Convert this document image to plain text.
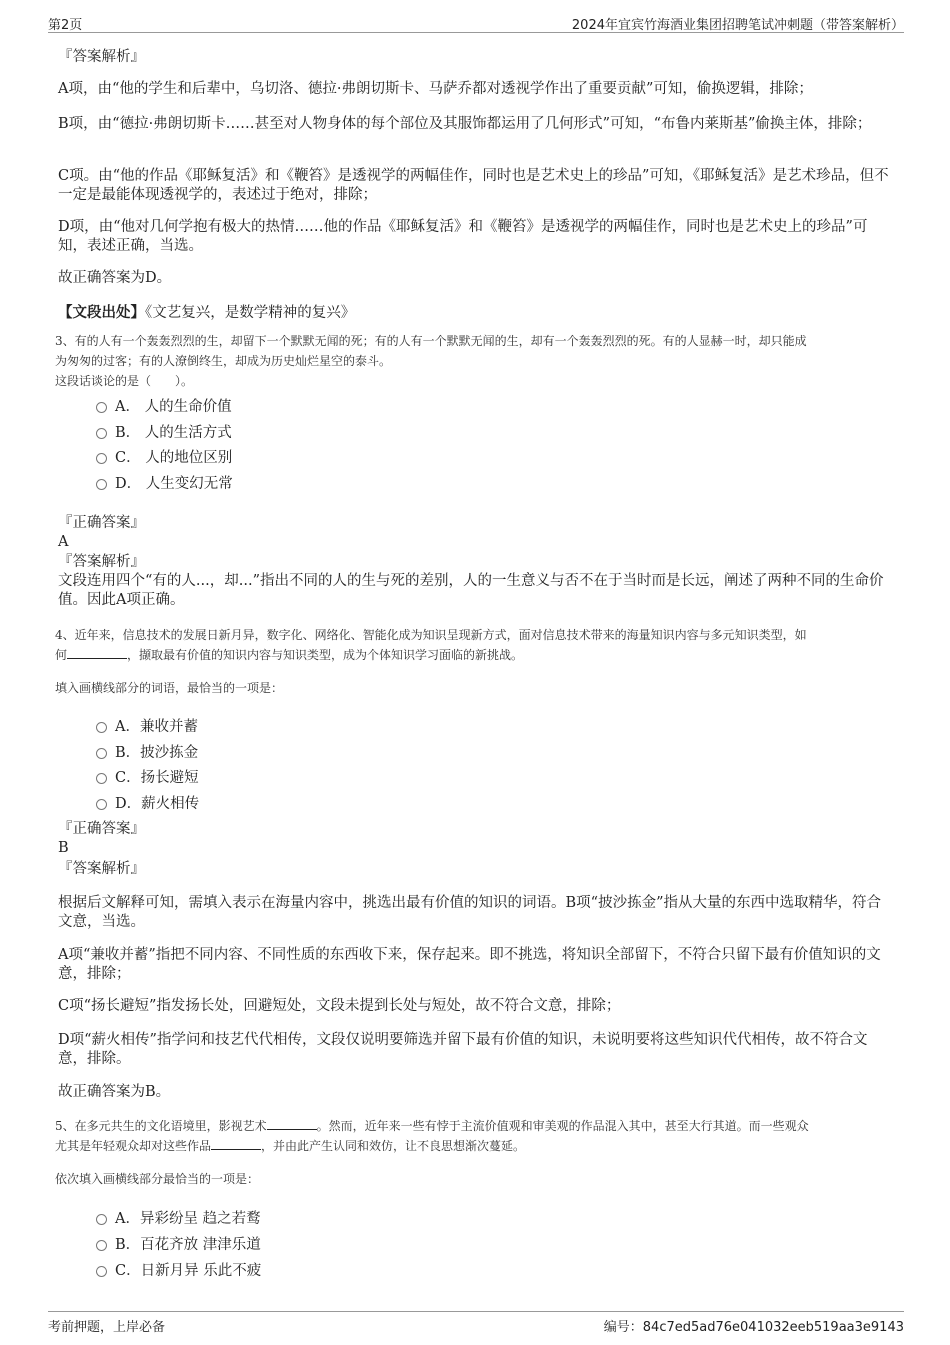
第2页	2024年宜宾竹海酒业集团招聘笔试冲刺题（带答案解析）
『答案解析』
A项，由“他的学生和后辈中，乌切洛、德拉·弗朗切斯卡、马萨乔都对透视学作出了重要贡献”可知，偷换逻辑，排除；
B项，由“德拉·弗朗切斯卡……甚至对人物身体的每个部位及其服饰都运用了几何形式”可知，“布鲁内莱斯基”偷换主体，排除；
C项。由“他的作品《耶稣复活》和《鞭笞》是透视学的两幅佳作，同时也是艺术史上的珍品”可知，《耶稣复活》是艺术珍品，但不一定是最能体现透视学的，表述过于绝对，排除；
D项，由“他对几何学抱有极大的热情……他的作品《耶稣复活》和《鞭笞》是透视学的两幅佳作，同时也是艺术史上的珍品”可知，表述正确，当选。
故正确答案为D。
【文段出处】《文艺复兴，是数学精神的复兴》
3、有的人有一个轰轰烈烈的生，却留下一个默默无闻的死；有的人有一个默默无闻的生，却有一个轰轰烈烈的死。有的人显赫一时，却只能成
为匆匆的过客；有的人潦倒终生，却成为历史灿烂星空的泰斗。
这段话谈论的是（　　）。
A． 人的生命价值
B． 人的生活方式
C． 人的地位区别
D． 人生变幻无常
『正确答案』
A
『答案解析』
文段连用四个“有的人...，却...”指出不同的人的生与死的差别，人的一生意义与否不在于当时而是长远，阐述了两种不同的生命价值。因此A项正确。
4、近年来，信息技术的发展日新月异，数字化、网络化、智能化成为知识呈现新方式，面对信息技术带来的海量知识内容与多元知识类型，如
何	，撷取最有价值的知识内容与知识类型，成为个体知识学习面临的新挑战。
填入画横线部分的词语，最恰当的一项是：
A．兼收并蓄
B．披沙拣金
C．扬长避短
D．薪火相传
『正确答案』
B
『答案解析』
根据后文解释可知，需填入表示在海量内容中，挑选出最有价值的知识的词语。B项“披沙拣金”指从大量的东西中选取精华，符合文意，当选。
A项“兼收并蓄”指把不同内容、不同性质的东西收下来，保存起来。即不挑选，将知识全部留下，不符合只留下最有价值知识的文意，排除；
C项“扬长避短”指发扬长处，回避短处，文段未提到长处与短处，故不符合文意，排除；
D项“薪火相传”指学问和技艺代代相传，文段仅说明要筛选并留下最有价值的知识，未说明要将这些知识代代相传，故不符合文意，排除。
故正确答案为B。
5、在多元共生的文化语境里，影视艺术	。然而，近年来一些有悖于主流价值观和审美观的作品混入其中，甚至大行其道。而一些观众
尤其是年轻观众却对这些作品	，并由此产生认同和效仿，让不良思想渐次蔓延。
依次填入画横线部分最恰当的一项是：
A．异彩纷呈 趋之若鹜
B．百花齐放 津津乐道
C．日新月异 乐此不疲
考前押题，上岸必备	编号：84c7ed5ad76e041032eeb519aa3e9143
